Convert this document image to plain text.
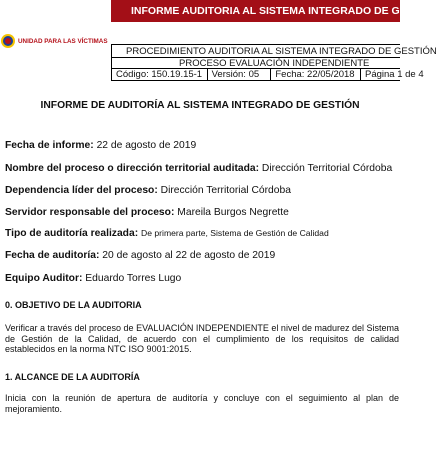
UNIDAD PARA LAS VÍCTIMAS
INFORME AUDITORIA AL SISTEMA INTEGRADO DE GESTIÓN
PROCEDIMIENTO AUDITORIA AL SISTEMA INTEGRADO DE GESTIÓN
PROCESO EVALUACIÓN INDEPENDIENTE
Código: 150.19.15-1	Versión: 05	Fecha: 22/05/2018	Página 1 de 4
INFORME DE AUDITORÍA AL SISTEMA INTEGRADO DE GESTIÓN
Fecha de informe: 22 de agosto de 2019
Nombre del proceso o dirección territorial auditada: Dirección Territorial Córdoba
Dependencia líder del proceso: Dirección Territorial Córdoba
Servidor responsable del proceso: Mareila Burgos Negrette
Tipo de auditoría realizada: De primera parte, Sistema de Gestión de Calidad
Fecha de auditoría: 20 de agosto al 22 de agosto de 2019
Equipo Auditor: Eduardo Torres Lugo
0. OBJETIVO DE LA AUDITORIA
Verificar a través del proceso de EVALUACIÓN INDEPENDIENTE el nivel de madurez del Sistema de Gestión de la Calidad, de acuerdo con el cumplimiento de los requisitos de calidad establecidos en la norma NTC ISO 9001:2015.
1. ALCANCE DE LA AUDITORÍA
Inicia con la reunión de apertura de auditoría y concluye con el seguimiento al plan de mejoramiento.
